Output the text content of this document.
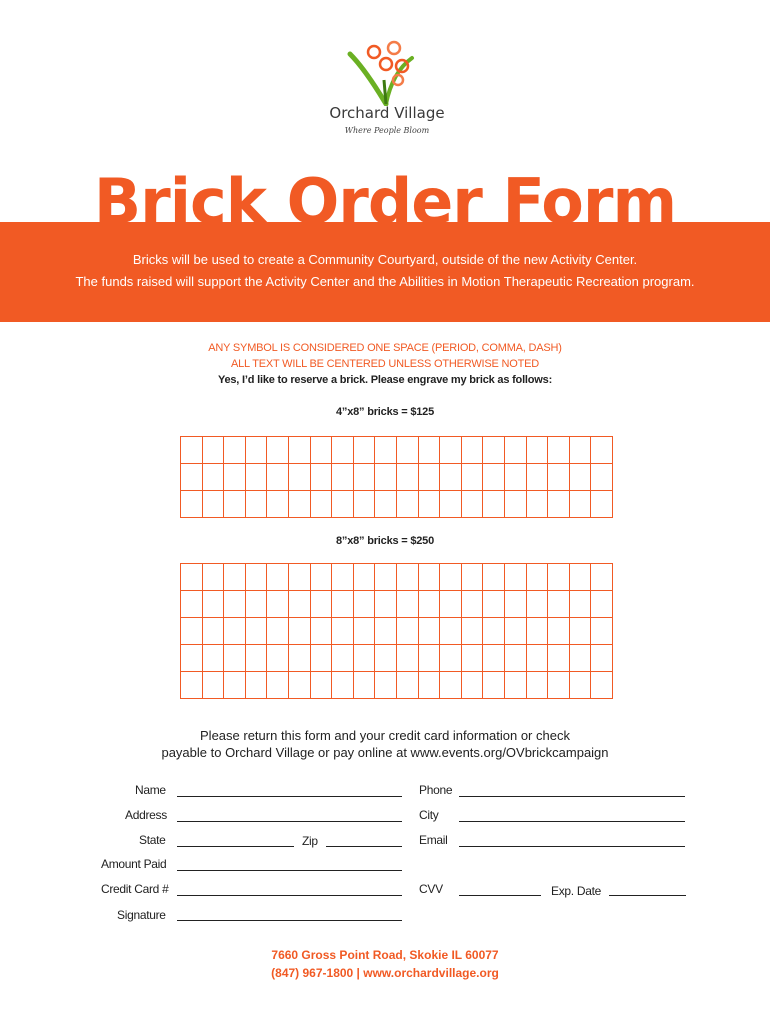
Orchard Village
Where People Bloom
Brick Order Form
Bricks will be used to create a Community Courtyard, outside of the new Activity Center.
The funds raised will support the Activity Center and the Abilities in Motion Therapeutic Recreation program.
ANY SYMBOL IS CONSIDERED ONE SPACE (PERIOD, COMMA, DASH)
ALL TEXT WILL BE CENTERED UNLESS OTHERWISE NOTED
Yes, I’d like to reserve a brick. Please engrave my brick as follows:
4”x8” bricks = $125
8”x8” bricks = $250
Please return this form and your credit card information or check
payable to Orchard Village or pay online at www.events.org/OVbrickcampaign
Name
Address
State	Zip
Amount Paid
Credit Card #
Signature
Phone
City
Email
CVV	Exp. Date
7660 Gross Point Road, Skokie IL 60077
(847) 967-1800 | www.orchardvillage.org
